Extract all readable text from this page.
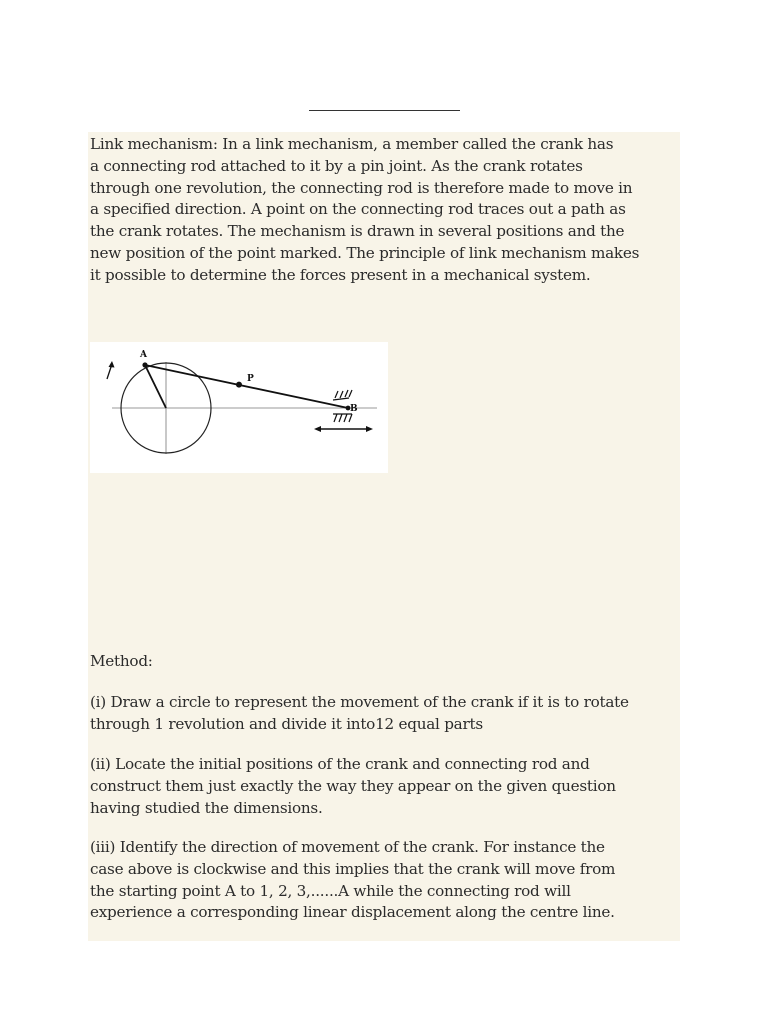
Link mechanism: In a link mechanism, a member called the crank has
a connecting rod attached to it by a pin joint. As the crank rotates
through one revolution, the connecting rod is therefore made to move in
a specified direction. A point on the connecting rod traces out a path as
the crank rotates. The mechanism is drawn in several positions and the
new position of the point marked. The principle of link mechanism makes
it possible to determine the forces present in a mechanical system.

A
P
B

Method:

(i) Draw a circle to represent the movement of the crank if it is to rotate
through 1 revolution and divide it into12 equal parts

(ii) Locate the initial positions of the crank and connecting rod and
construct them just exactly the way they appear on the given question
having studied the dimensions.

(iii) Identify the direction of movement of the crank. For instance the
case above is clockwise and this implies that the crank will move from
the starting point A to 1, 2, 3,......A while the connecting rod will
experience a corresponding linear displacement along the centre line.
